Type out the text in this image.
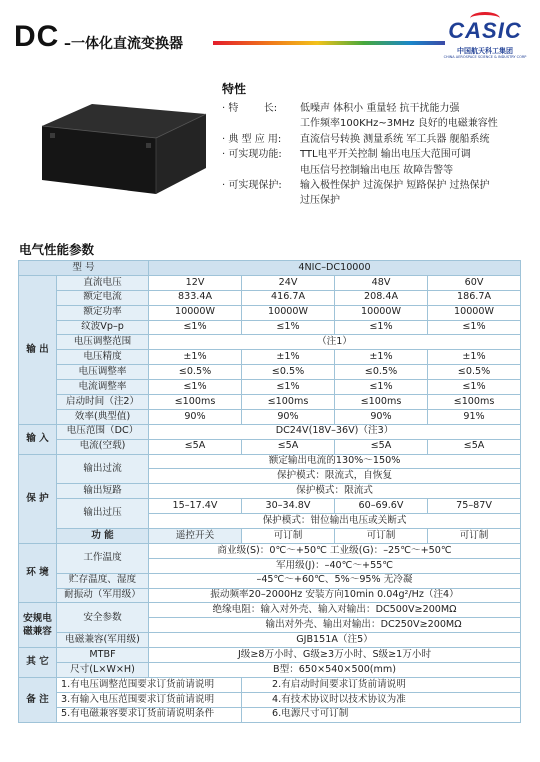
DC –一体化直流变换器
CASIC
中国航天科工集团
CHINA AEROSPACE SCIENCE & INDUSTRY CORP
特性
· 特        长:	低噪声 体积小 重量轻 抗干扰能力强
工作频率100KHz~3MHz 良好的电磁兼容性
· 典 型 应 用:	直流信号转换 测量系统 军工兵器 舰船系统
· 可实现功能:	TTL电平开关控制 输出电压大范围可调
电压信号控制输出电压 故障告警等
· 可实现保护:	输入极性保护 过流保护 短路保护 过热保护
过压保护
电气性能参数
型 号		4NIC–DC10000				
输 出	直流电压	12V	24V	48V	60V	
	额定电流	833.4A	416.7A	208.4A	186.7A	
	额定功率	10000W	10000W	10000W	10000W	
	纹波Vp–p	≤1%	≤1%	≤1%	≤1%	
	电压调整范围	（注1）				
	电压精度	±1%	±1%	±1%	±1%	
	电压调整率	≤0.5%	≤0.5%	≤0.5%	≤0.5%	
	电流调整率	≤1%	≤1%	≤1%	≤1%	
	启动时间（注2）	≤100ms	≤100ms	≤100ms	≤100ms	
	效率(典型值)	90%	90%	90%	91%	
输 入	电压范围（DC）	DC24V(18V–36V)（注3）				
	电流(空载)	≤5A	≤5A	≤5A	≤5A	
保 护	输出过流	额定输出电流的130%～150%				
		保护模式：限流式，自恢复				
	输出短路	保护模式：限流式				
	输出过压	15–17.4V	30–34.8V	60–69.6V	75–87V	
		保护模式：钳位输出电压或关断式				
	功 能	遥控开关	可订制	可订制	可订制	
环 境	工作温度	商业级(S)：0℃～+50℃ 工业级(G)：–25℃～+50℃				
		军用级(J)：–40℃～+55℃				
	贮存温度、湿度	–45℃～+60℃、5%～95% 无冷凝				
	耐振动（军用级）	振动频率20–2000Hz 安装方向10min 0.04g²/Hz（注4）				
安规电磁兼容	安全参数	绝缘电阻：输入对外壳、输入对输出：DC500V≥200MΩ				
		输出对外壳、输出对输出：DC250V≥200MΩ				
	电磁兼容(军用级)	GJB151A（注5）				
其 它	MTBF	J级≥8万小时、G级≥3万小时、S级≥1万小时				
	尺寸(L×W×H)	B型：650×540×500(mm)				
备 注	1.有电压调整范围要求订货前请说明		2.有启动时间要求订货前请说明			
	3.有输入电压范围要求订货前请说明		4.有技术协议时以技术协议为准			
	5.有电磁兼容要求订货前请说明条件		6.电源尺寸可订制			
